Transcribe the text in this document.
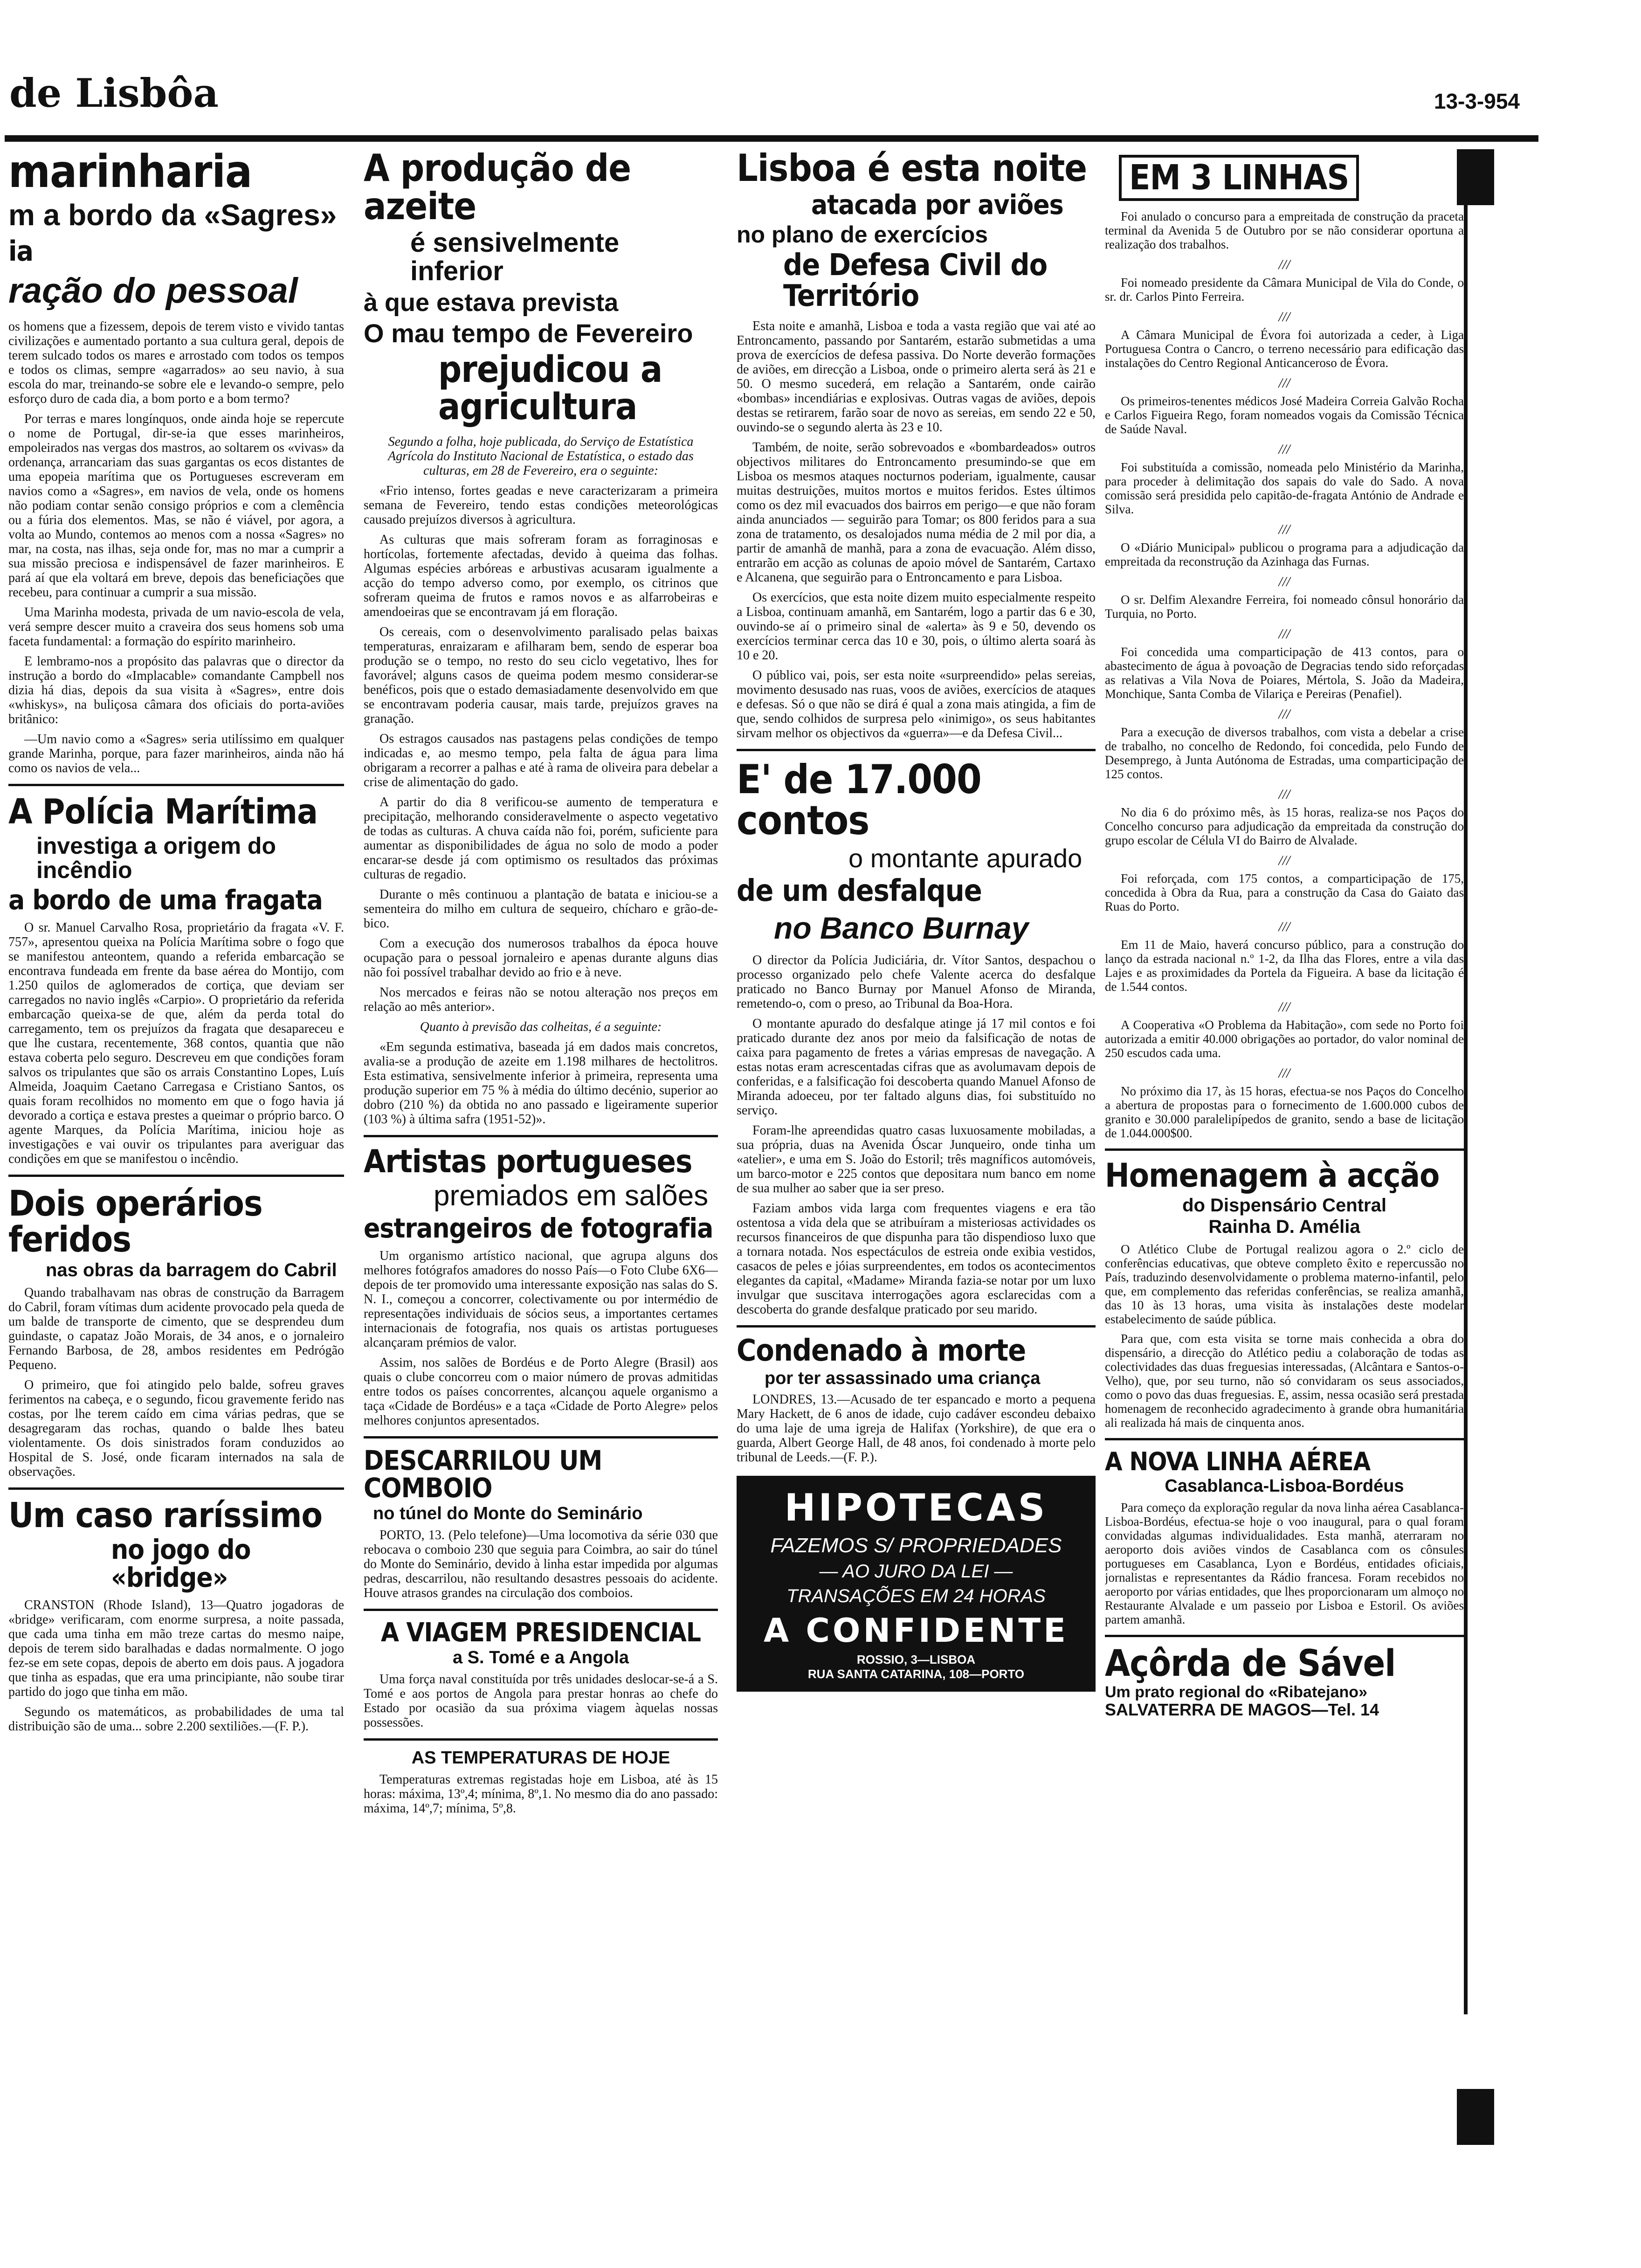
de Lisbôa	13-3-954
marinharia
m a bordo da «Sagres»
ia
ração do pessoal

os homens que a fizessem, depois de terem visto e vivido tantas civilizações e aumentado portanto a sua cultura geral, depois de terem sulcado todos os mares e arrostado com todos os tempos e todos os climas, sempre «agarrados» ao seu navio, à sua escola do mar, treinando-se sobre ele e levando-o sempre, pelo esforço duro de cada dia, a bom porto e a bom termo?

Por terras e mares longínquos, onde ainda hoje se repercute o nome de Portugal, dir-se-ia que esses marinheiros, empoleirados nas vergas dos mastros, ao soltarem os «vivas» da ordenança, arrancariam das suas gargantas os ecos distantes de uma epopeia marítima que os Portugueses escreveram em navios como a «Sagres», em navios de vela, onde os homens não podiam contar senão consigo próprios e com a clemência ou a fúria dos elementos. Mas, se não é viável, por agora, a volta ao Mundo, contemos ao menos com a nossa «Sagres» no mar, na costa, nas ilhas, seja onde for, mas no mar a cumprir a sua missão preciosa e indispensável de fazer marinheiros. E pará aí que ela voltará em breve, depois das beneficiações que recebeu, para continuar a cumprir a sua missão.

Uma Marinha modesta, privada de um navio-escola de vela, verá sempre descer muito a craveira dos seus homens sob uma faceta fundamental: a formação do espírito marinheiro.

E lembramo-nos a propósito das palavras que o director da instrução a bordo do «Implacable» comandante Campbell nos dizia há dias, depois da sua visita à «Sagres», entre dois «whiskys», na buliçosa câmara dos oficiais do porta-aviões britânico:

—Um navio como a «Sagres» seria utilíssimo em qualquer grande Marinha, porque, para fazer marinheiros, ainda não há como os navios de vela...

A Polícia Marítima
investiga a origem do incêndio
a bordo de uma fragata

O sr. Manuel Carvalho Rosa, proprietário da fragata «V. F. 757», apresentou queixa na Polícia Marítima sobre o fogo que se manifestou anteontem, quando a referida embarcação se encontrava fundeada em frente da base aérea do Montijo, com 1.250 quilos de aglomerados de cortiça, que deviam ser carregados no navio inglês «Carpio». O proprietário da referida embarcação queixa-se de que, além da perda total do carregamento, tem os prejuízos da fragata que desapareceu e que lhe custara, recentemente, 368 contos, quantia que não estava coberta pelo seguro. Descreveu em que condições foram salvos os tripulantes que são os arrais Constantino Lopes, Luís Almeida, Joaquim Caetano Carregasa e Cristiano Santos, os quais foram recolhidos no momento em que o fogo havia já devorado a cortiça e estava prestes a queimar o próprio barco. O agente Marques, da Polícia Marítima, iniciou hoje as investigações e vai ouvir os tripulantes para averiguar das condições em que se manifestou o incêndio.

Dois operários feridos
nas obras da barragem do Cabril

Quando trabalhavam nas obras de construção da Barragem do Cabril, foram vítimas dum acidente provocado pela queda de um balde de transporte de cimento, que se desprendeu dum guindaste, o capataz João Morais, de 34 anos, e o jornaleiro Fernando Barbosa, de 28, ambos residentes em Pedrógão Pequeno.

O primeiro, que foi atingido pelo balde, sofreu graves ferimentos na cabeça, e o segundo, ficou gravemente ferido nas costas, por lhe terem caído em cima várias pedras, que se desagregaram das rochas, quando o balde lhes bateu violentamente. Os dois sinistrados foram conduzidos ao Hospital de S. José, onde ficaram internados na sala de observações.

Um caso raríssimo
no jogo do «bridge»

CRANSTON (Rhode Island), 13—Quatro jogadoras de «bridge» verificaram, com enorme surpresa, a noite passada, que cada uma tinha em mão treze cartas do mesmo naipe, depois de terem sido baralhadas e dadas normalmente. O jogo fez-se em sete copas, depois de aberto em dois paus. A jogadora que tinha as espadas, que era uma principiante, não soube tirar partido do jogo que tinha em mão.

Segundo os matemáticos, as probabilidades de uma tal distribuição são de uma... sobre 2.200 sextiliões.—(F. P.).

A produção de azeite
é sensivelmente inferior
à que estava prevista
O mau tempo de Fevereiro
prejudicou a agricultura

Segundo a folha, hoje publicada, do Serviço de Estatística Agrícola do Instituto Nacional de Estatística, o estado das culturas, em 28 de Fevereiro, era o seguinte:

«Frio intenso, fortes geadas e neve caracterizaram a primeira semana de Fevereiro, tendo estas condições meteorológicas causado prejuízos diversos à agricultura.

As culturas que mais sofreram foram as forraginosas e hortícolas, fortemente afectadas, devido à queima das folhas. Algumas espécies arbóreas e arbustivas acusaram igualmente a acção do tempo adverso como, por exemplo, os citrinos que sofreram queima de frutos e ramos novos e as alfarrobeiras e amendoeiras que se encontravam já em floração.

Os cereais, com o desenvolvimento paralisado pelas baixas temperaturas, enraizaram e afilharam bem, sendo de esperar boa produção se o tempo, no resto do seu ciclo vegetativo, lhes for favorável; alguns casos de queima podem mesmo considerar-se benéficos, pois que o estado demasiadamente desenvolvido em que se encontravam poderia causar, mais tarde, prejuízos graves na granação.

Os estragos causados nas pastagens pelas condições de tempo indicadas e, ao mesmo tempo, pela falta de água para lima obrigaram a recorrer a palhas e até à rama de oliveira para debelar a crise de alimentação do gado.

A partir do dia 8 verificou-se aumento de temperatura e precipitação, melhorando consideravelmente o aspecto vegetativo de todas as culturas. A chuva caída não foi, porém, suficiente para aumentar as disponibilidades de água no solo de modo a poder encarar-se desde já com optimismo os resultados das próximas culturas de regadio.

Durante o mês continuou a plantação de batata e iniciou-se a sementeira do milho em cultura de sequeiro, chícharo e grão-de-bico.

Com a execução dos numerosos trabalhos da época houve ocupação para o pessoal jornaleiro e apenas durante alguns dias não foi possível trabalhar devido ao frio e à neve.

Nos mercados e feiras não se notou alteração nos preços em relação ao mês anterior».

Quanto à previsão das colheitas, é a seguinte:

«Em segunda estimativa, baseada já em dados mais concretos, avalia-se a produção de azeite em 1.198 milhares de hectolitros. Esta estimativa, sensivelmente inferior à primeira, representa uma produção superior em 75 % à média do último decénio, superior ao dobro (210 %) da obtida no ano passado e ligeiramente superior (103 %) à última safra (1951-52)».

Artistas portugueses
premiados em salões
estrangeiros de fotografia

Um organismo artístico nacional, que agrupa alguns dos melhores fotógrafos amadores do nosso País—o Foto Clube 6X6—depois de ter promovido uma interessante exposição nas salas do S. N. I., começou a concorrer, colectivamente ou por intermédio de representações individuais de sócios seus, a importantes certames internacionais de fotografia, nos quais os artistas portugueses alcançaram prémios de valor.

Assim, nos salões de Bordéus e de Porto Alegre (Brasil) aos quais o clube concorreu com o maior número de provas admitidas entre todos os países concorrentes, alcançou aquele organismo a taça «Cidade de Bordéus» e a taça «Cidade de Porto Alegre» pelos melhores conjuntos apresentados.

DESCARRILOU UM COMBOIO
no túnel do Monte do Seminário

PORTO, 13. (Pelo telefone)—Uma locomotiva da série 030 que rebocava o comboio 230 que seguia para Coimbra, ao sair do túnel do Monte do Seminário, devido à linha estar impedida por algumas pedras, descarrilou, não resultando desastres pessoais do acidente. Houve atrasos grandes na circulação dos comboios.

A VIAGEM PRESIDENCIAL
a S. Tomé e a Angola

Uma força naval constituída por três unidades deslocar-se-á a S. Tomé e aos portos de Angola para prestar honras ao chefe do Estado por ocasião da sua próxima viagem àquelas nossas possessões.

AS TEMPERATURAS DE HOJE

Temperaturas extremas registadas hoje em Lisboa, até às 15 horas: máxima, 13º,4; mínima, 8º,1. No mesmo dia do ano passado: máxima, 14º,7; mínima, 5º,8.

Lisboa é esta noite
atacada por aviões
no plano de exercícios
de Defesa Civil do Território

Esta noite e amanhã, Lisboa e toda a vasta região que vai até ao Entroncamento, passando por Santarém, estarão submetidas a uma prova de exercícios de defesa passiva. Do Norte deverão formações de aviões, em direcção a Lisboa, onde o primeiro alerta será às 21 e 50. O mesmo sucederá, em relação a Santarém, onde cairão «bombas» incendiárias e explosivas. Outras vagas de aviões, depois destas se retirarem, farão soar de novo as sereias, em sendo 22 e 50, ouvindo-se o segundo alerta às 23 e 10.

Também, de noite, serão sobrevoados e «bombardeados» outros objectivos militares do Entroncamento presumindo-se que em Lisboa os mesmos ataques nocturnos poderiam, igualmente, causar muitas destruições, muitos mortos e muitos feridos. Estes últimos como os dez mil evacuados dos bairros em perigo—e que não foram ainda anunciados — seguirão para Tomar; os 800 feridos para a sua zona de tratamento, os desalojados numa média de 2 mil por dia, a partir de amanhã de manhã, para a zona de evacuação. Além disso, entrarão em acção as colunas de apoio móvel de Santarém, Cartaxo e Alcanena, que seguirão para o Entroncamento e para Lisboa.

Os exercícios, que esta noite dizem muito especialmente respeito a Lisboa, continuam amanhã, em Santarém, logo a partir das 6 e 30, ouvindo-se aí o primeiro sinal de «alerta» às 9 e 50, devendo os exercícios terminar cerca das 10 e 30, pois, o último alerta soará às 10 e 20.

O público vai, pois, ser esta noite «surpreendido» pelas sereias, movimento desusado nas ruas, voos de aviões, exercícios de ataques e defesas. Só o que não se dirá é qual a zona mais atingida, a fim de que, sendo colhidos de surpresa pelo «inimigo», os seus habitantes sirvam melhor os objectivos da «guerra»—e da Defesa Civil...

E' de 17.000 contos
o montante apurado
de um desfalque
no Banco Burnay

O director da Polícia Judiciária, dr. Vítor Santos, despachou o processo organizado pelo chefe Valente acerca do desfalque praticado no Banco Burnay por Manuel Afonso de Miranda, remetendo-o, com o preso, ao Tribunal da Boa-Hora.

O montante apurado do desfalque atinge já 17 mil contos e foi praticado durante dez anos por meio da falsificação de notas de caixa para pagamento de fretes a várias empresas de navegação. A estas notas eram acrescentadas cifras que as avolumavam depois de conferidas, e a falsificação foi descoberta quando Manuel Afonso de Miranda adoeceu, por ter faltado alguns dias, foi substituído no serviço.

Foram-lhe apreendidas quatro casas luxuosamente mobiladas, a sua própria, duas na Avenida Óscar Junqueiro, onde tinha um «atelier», e uma em S. João do Estoril; três magníficos automóveis, um barco-motor e 225 contos que depositara num banco em nome de sua mulher ao saber que ia ser preso.

Faziam ambos vida larga com frequentes viagens e era tão ostentosa a vida dela que se atribuíram a misteriosas actividades os recursos financeiros de que dispunha para tão dispendioso luxo que a tornara notada. Nos espectáculos de estreia onde exibia vestidos, casacos de peles e jóias surpreendentes, em todos os acontecimentos elegantes da capital, «Madame» Miranda fazia-se notar por um luxo invulgar que suscitava interrogações agora esclarecidas com a descoberta do grande desfalque praticado por seu marido.

Condenado à morte
por ter assassinado uma criança

LONDRES, 13.—Acusado de ter espancado e morto a pequena Mary Hackett, de 6 anos de idade, cujo cadáver escondeu debaixo do uma laje de uma igreja de Halifax (Yorkshire), de que era o guarda, Albert George Hall, de 48 anos, foi condenado à morte pelo tribunal de Leeds.—(F. P.).

HIPOTECAS
FAZEMOS S/ PROPRIEDADES
— AO JURO DA LEI —
TRANSAÇÕES EM 24 HORAS
A CONFIDENTE
ROSSIO, 3—LISBOA
RUA SANTA CATARINA, 108—PORTO
EM 3 LINHAS

Foi anulado o concurso para a empreitada de construção da praceta terminal da Avenida 5 de Outubro por se não considerar oportuna a realização dos trabalhos.

///

Foi nomeado presidente da Câmara Municipal de Vila do Conde, o sr. dr. Carlos Pinto Ferreira.

///

A Câmara Municipal de Évora foi autorizada a ceder, à Liga Portuguesa Contra o Cancro, o terreno necessário para edificação das instalações do Centro Regional Anticanceroso de Évora.

///

Os primeiros-tenentes médicos José Madeira Correia Galvão Rocha e Carlos Figueira Rego, foram nomeados vogais da Comissão Técnica de Saúde Naval.

///

Foi substituída a comissão, nomeada pelo Ministério da Marinha, para proceder à delimitação dos sapais do vale do Sado. A nova comissão será presidida pelo capitão-de-fragata António de Andrade e Silva.

///

O «Diário Municipal» publicou o programa para a adjudicação da empreitada da reconstrução da Azinhaga das Furnas.

///

O sr. Delfim Alexandre Ferreira, foi nomeado cônsul honorário da Turquia, no Porto.

///

Foi concedida uma comparticipação de 413 contos, para o abastecimento de água à povoação de Degracias tendo sido reforçadas as relativas a Vila Nova de Poiares, Mértola, S. João da Madeira, Monchique, Santa Comba de Vilariça e Pereiras (Penafiel).

///

Para a execução de diversos trabalhos, com vista a debelar a crise de trabalho, no concelho de Redondo, foi concedida, pelo Fundo de Desemprego, à Junta Autónoma de Estradas, uma comparticipação de 125 contos.

///

No dia 6 do próximo mês, às 15 horas, realiza-se nos Paços do Concelho concurso para adjudicação da empreitada da construção do grupo escolar de Célula VI do Bairro de Alvalade.

///

Foi reforçada, com 175 contos, a comparticipação de 175, concedida à Obra da Rua, para a construção da Casa do Gaiato das Ruas do Porto.

///

Em 11 de Maio, haverá concurso público, para a construção do lanço da estrada nacional n.º 1-2, da Ilha das Flores, entre a vila das Lajes e as proximidades da Portela da Figueira. A base da licitação é de 1.544 contos.

///

A Cooperativa «O Problema da Habitação», com sede no Porto foi autorizada a emitir 40.000 obrigações ao portador, do valor nominal de 250 escudos cada uma.

///

No próximo dia 17, às 15 horas, efectua-se nos Paços do Concelho a abertura de propostas para o fornecimento de 1.600.000 cubos de granito e 30.000 paralelipípedos de granito, sendo a base de licitação de 1.044.000$00.

Homenagem à acção
do Dispensário Central
Rainha D. Amélia

O Atlético Clube de Portugal realizou agora o 2.º ciclo de conferências educativas, que obteve completo êxito e repercussão no País, traduzindo desenvolvidamente o problema materno-infantil, pelo que, em complemento das referidas conferências, se realiza amanhã, das 10 às 13 horas, uma visita às instalações deste modelar estabelecimento de saúde pública.

Para que, com esta visita se torne mais conhecida a obra do dispensário, a direcção do Atlético pediu a colaboração de todas as colectividades das duas freguesias interessadas, (Alcântara e Santos-o-Velho), que, por seu turno, não só convidaram os seus associados, como o povo das duas freguesias. E, assim, nessa ocasião será prestada homenagem de reconhecido agradecimento à grande obra humanitária ali realizada há mais de cinquenta anos.

A NOVA LINHA AÉREA
Casablanca-Lisboa-Bordéus

Para começo da exploração regular da nova linha aérea Casablanca-Lisboa-Bordéus, efectua-se hoje o voo inaugural, para o qual foram convidadas algumas individualidades. Esta manhã, aterraram no aeroporto dois aviões vindos de Casablanca com os cônsules portugueses em Casablanca, Lyon e Bordéus, entidades oficiais, jornalistas e representantes da Rádio francesa. Foram recebidos no aeroporto por várias entidades, que lhes proporcionaram um almoço no Restaurante Alvalade e um passeio por Lisboa e Estoril. Os aviões partem amanhã.

Açôrda de Sável
Um prato regional do «Ribatejano»
SALVATERRA DE MAGOS—Tel. 14
